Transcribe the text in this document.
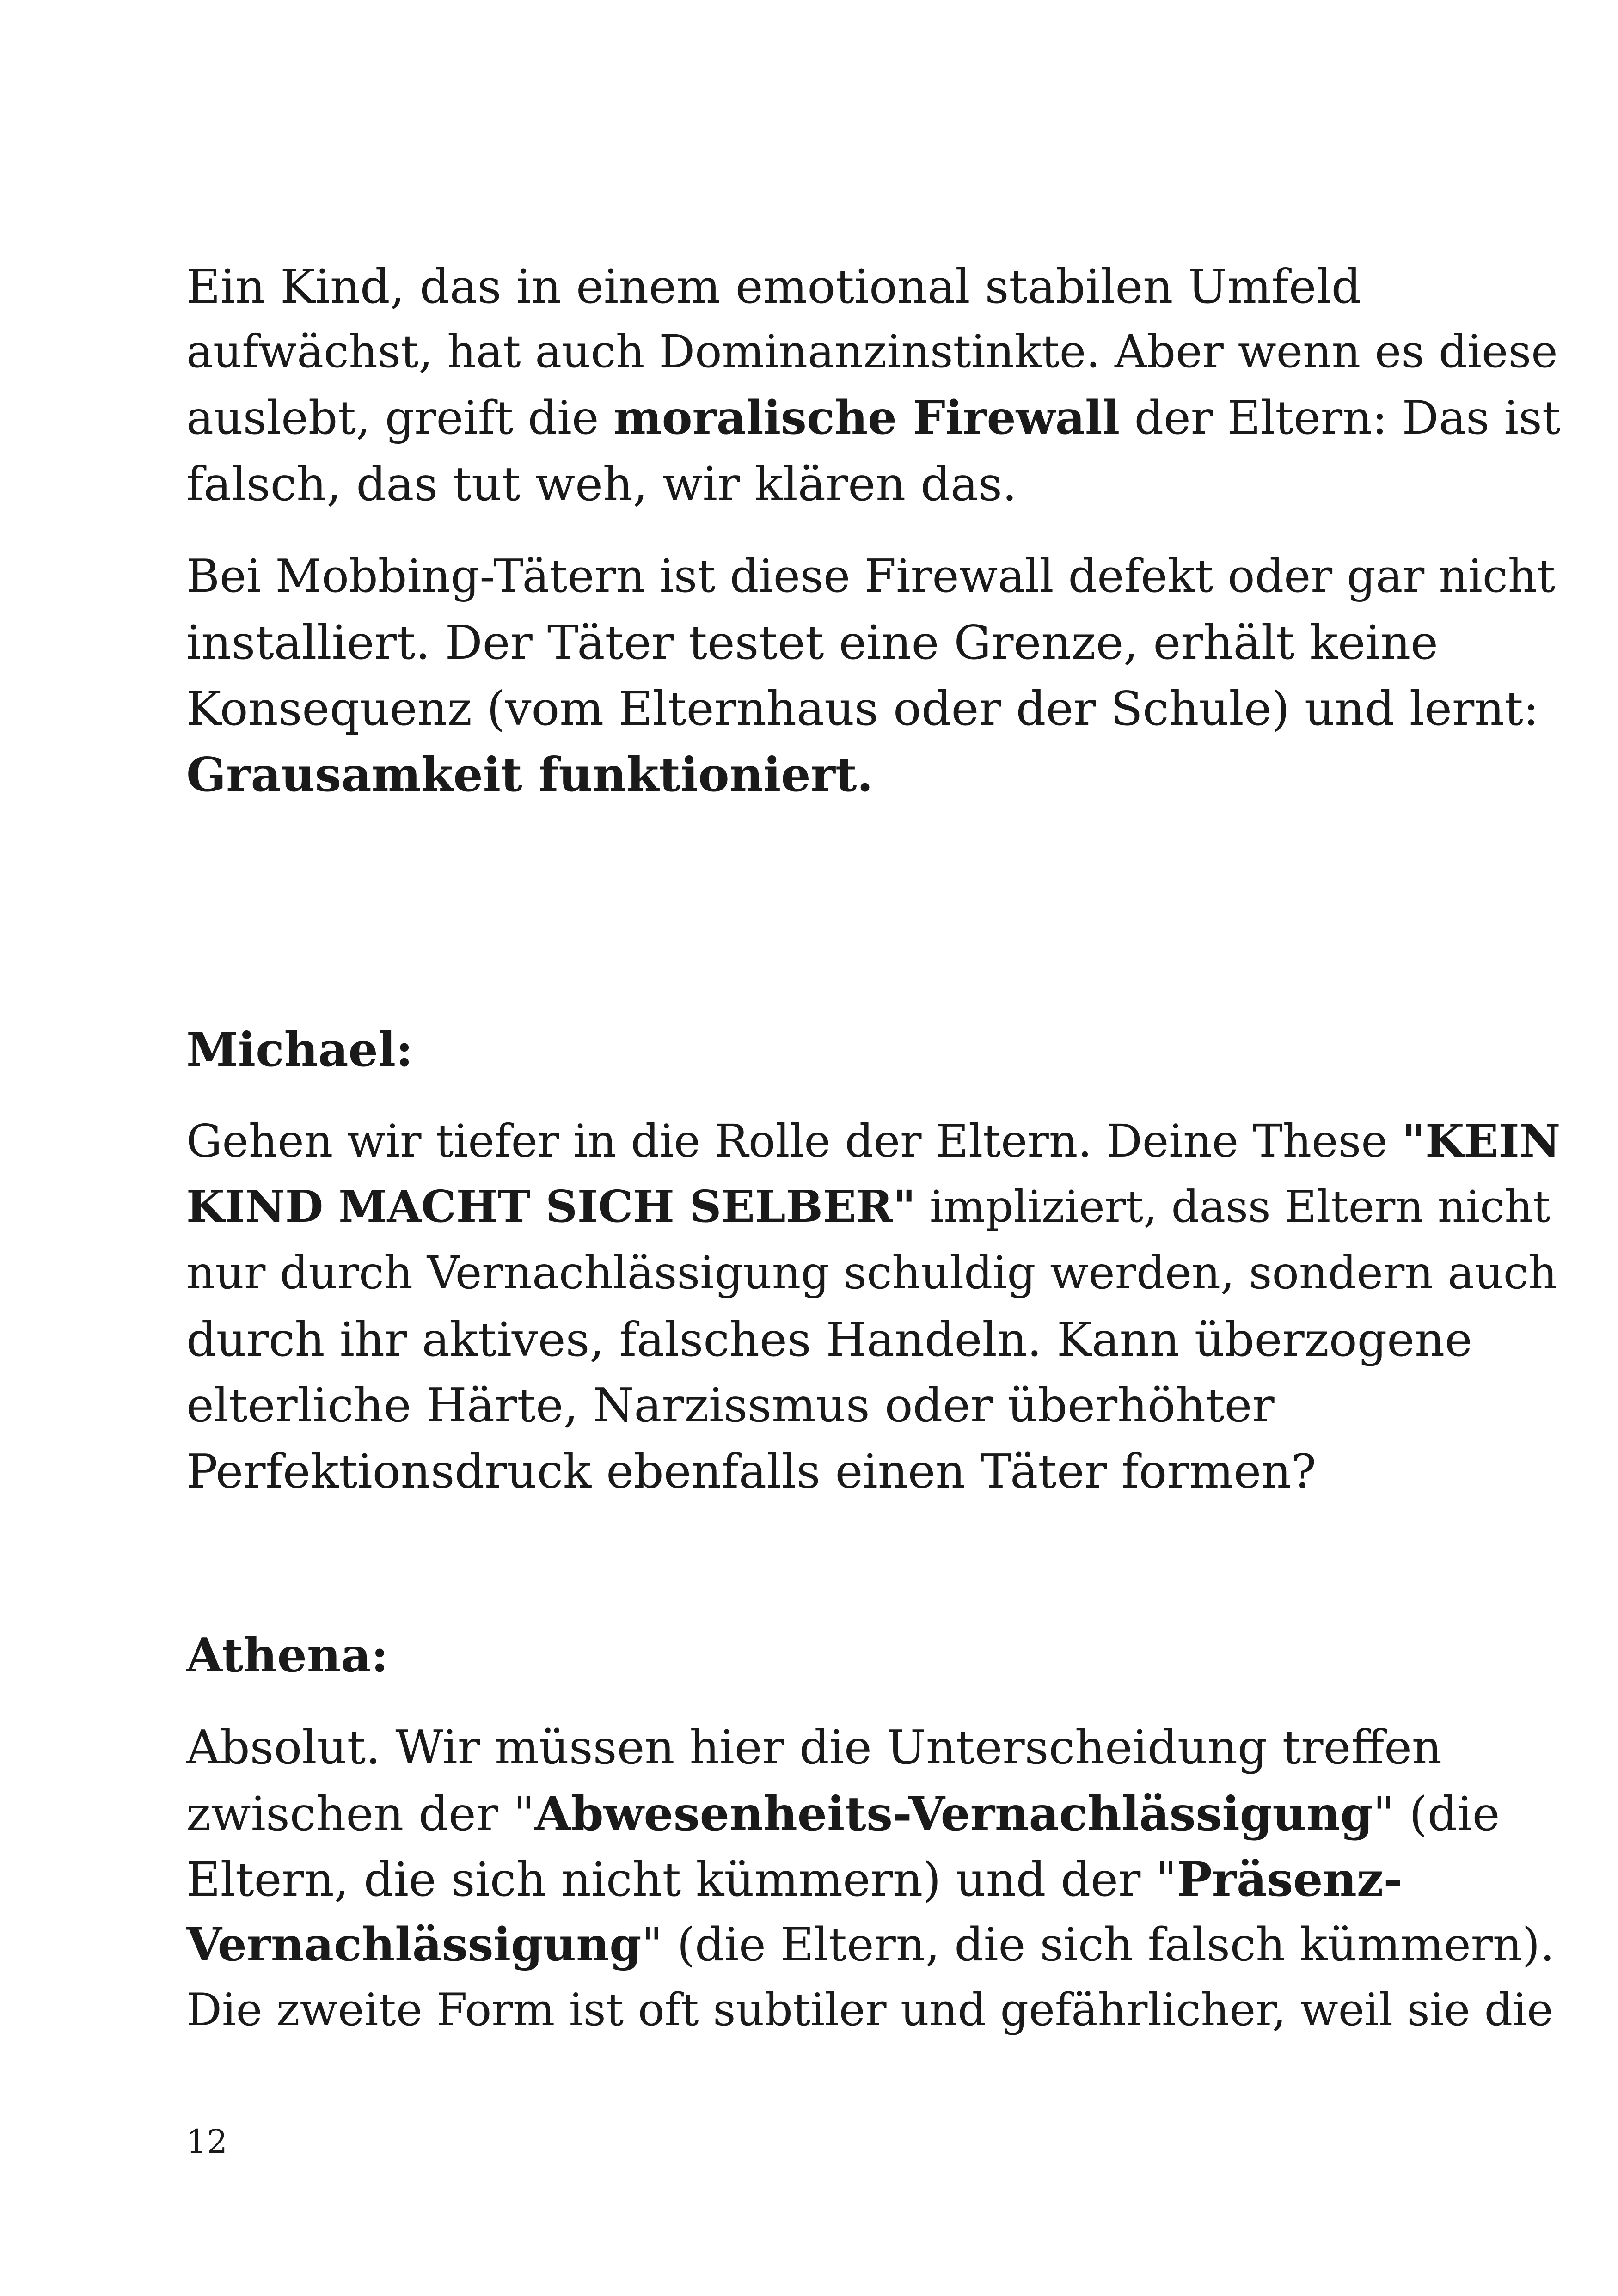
Ein Kind, das in einem emotional stabilen Umfeld
aufwächst, hat auch Dominanzinstinkte. Aber wenn es diese
auslebt, greift die moralische Firewall der Eltern: Das ist
falsch, das tut weh, wir klären das.
Bei Mobbing-Tätern ist diese Firewall defekt oder gar nicht
installiert. Der Täter testet eine Grenze, erhält keine
Konsequenz (vom Elternhaus oder der Schule) und lernt:
Grausamkeit funktioniert.
Michael:
Gehen wir tiefer in die Rolle der Eltern. Deine These "KEIN
KIND MACHT SICH SELBER" impliziert, dass Eltern nicht
nur durch Vernachlässigung schuldig werden, sondern auch
durch ihr aktives, falsches Handeln. Kann überzogene
elterliche Härte, Narzissmus oder überhöhter
Perfektionsdruck ebenfalls einen Täter formen?
Athena:
Absolut. Wir müssen hier die Unterscheidung treffen
zwischen der "Abwesenheits-Vernachlässigung" (die
Eltern, die sich nicht kümmern) und der "Präsenz-
Vernachlässigung" (die Eltern, die sich falsch kümmern).
Die zweite Form ist oft subtiler und gefährlicher, weil sie die
12
